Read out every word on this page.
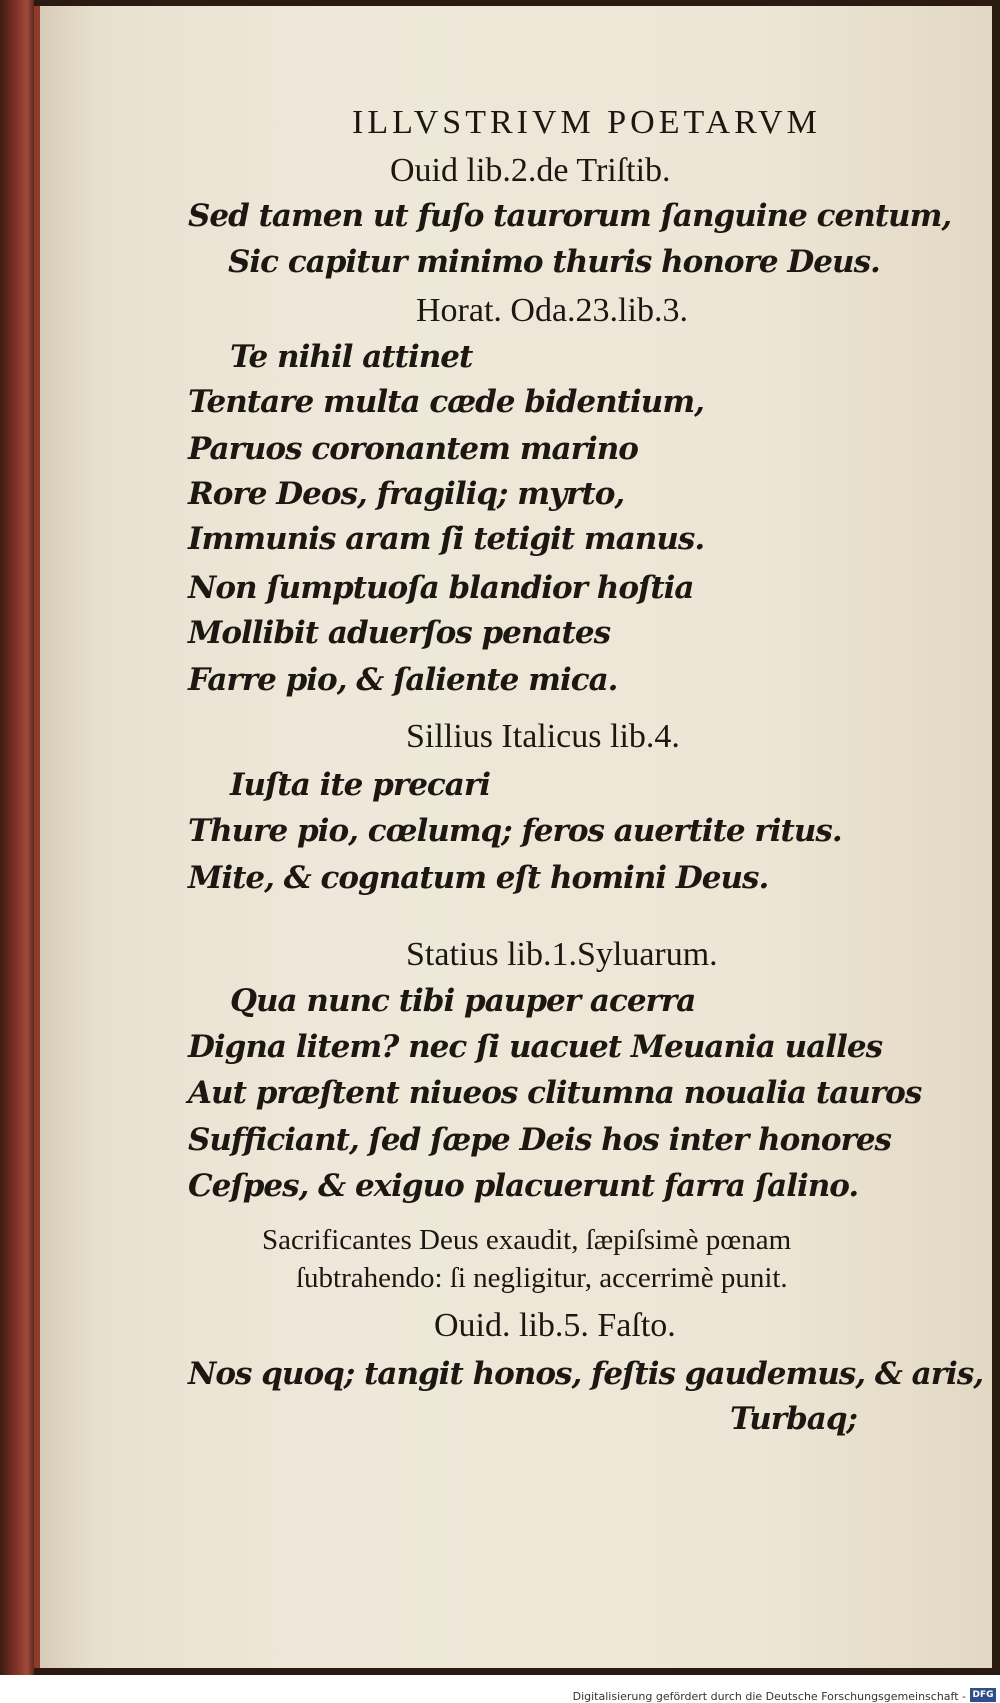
ILLVSTRIVM POETARVM
Ouid lib.2.de Triſtib.
Sed tamen ut fuſo taurorum ſanguine centum,
Sic capitur minimo thuris honore Deus.
Horat. Oda.23.lib.3.
Te nihil attinet
Tentare multa cæde bidentium,
Paruos coronantem marino
Rore Deos, fragiliq; myrto,
Immunis aram ſi tetigit manus.
Non ſumptuoſa blandior hoſtia
Mollibit aduerſos penates
Farre pio, & ſaliente mica.
Sillius Italicus lib.4.
Iuſta ite precari
Thure pio, cœlumq; feros auertite ritus.
Mite, & cognatum eſt homini Deus.
Statius lib.1.Syluarum.
Qua nunc tibi pauper acerra
Digna litem? nec ſi uacuet Meuania ualles
Aut præſtent niueos clitumna noualia tauros
Sufficiant, ſed ſæpe Deis hos inter honores
Ceſpes, & exiguo placuerunt farra ſalino.
Sacrificantes Deus exaudit, ſæpiſsimè pœnam
ſubtrahendo: ſi negligitur, accerrimè punit.
Ouid. lib.5. Faſto.
Nos quoq; tangit honos, feſtis gaudemus, & aris,
Turbaq;
Digitalisierung gefördert durch die Deutsche Forschungsgemeinschaft - DFG
